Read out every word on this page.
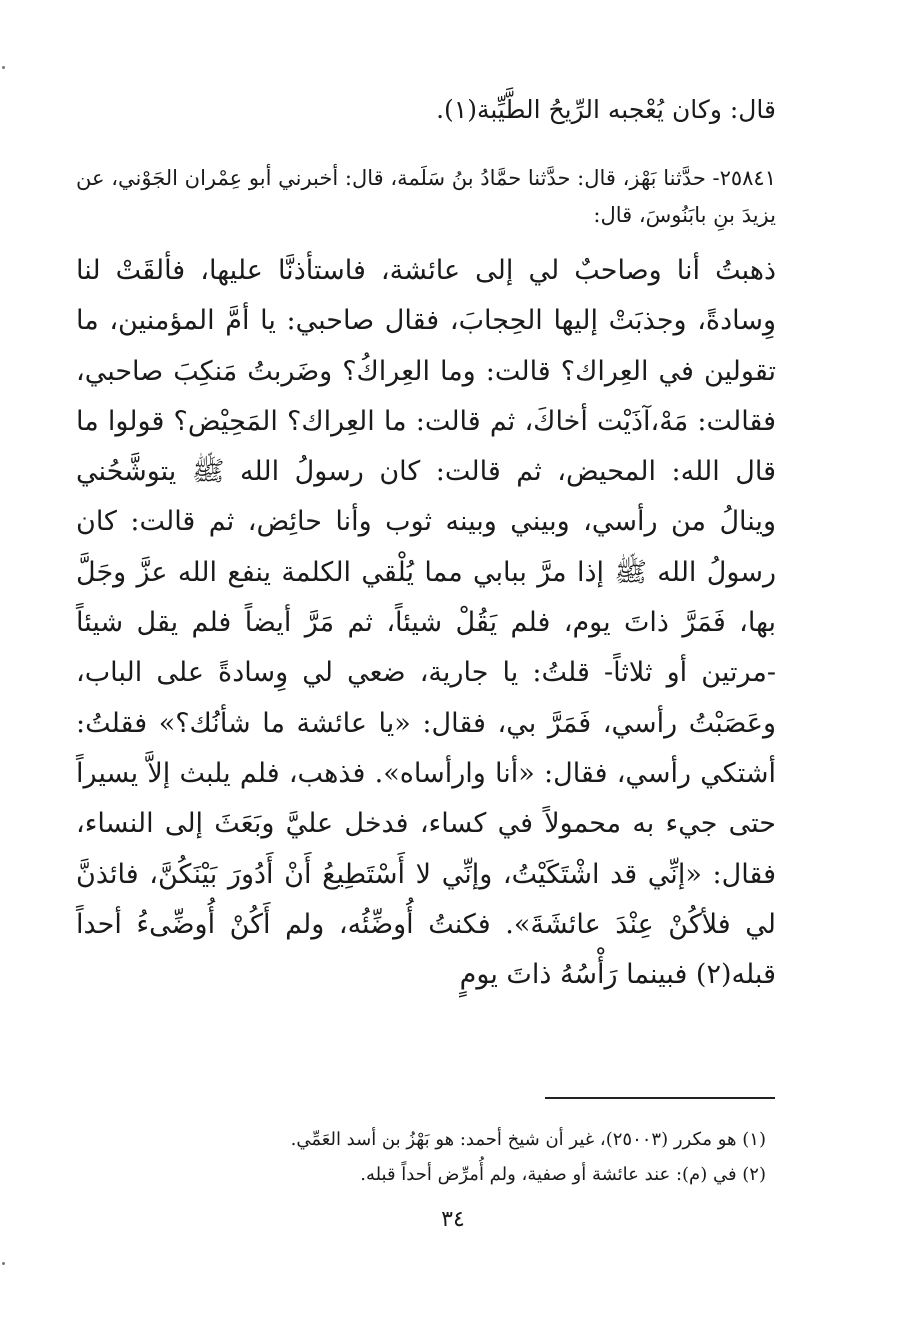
قال: وكان يُعْجبه الرِّيحُ الطَّيِّبة(١).

٢٥٨٤١- حدَّثنا بَهْز، قال: حدَّثنا حمَّادُ بنُ سَلَمة، قال: أخبرني أبو عِمْران الجَوْني، عن يزيدَ بنِ بابَنُوسَ، قال:

ذهبتُ أنا وصاحبٌ لي إلى عائشة، فاستأذنَّا عليها، فألقَتْ لنا وِسادةً، وجذبَتْ إليها الحِجابَ، فقال صاحبي: يا أمَّ المؤمنين، ما تقولين في العِراك؟ قالت: وما العِراكُ؟ وضَربتُ مَنكِبَ صاحبي، فقالت: مَهْ،آذَيْت أخاكَ، ثم قالت: ما العِراك؟ المَحِيْض؟ قولوا ما قال الله: المحيض، ثم قالت: كان رسولُ الله ﷺ يتوشَّحُني وينالُ من رأسي، وبيني وبينه ثوب وأنا حائِض، ثم قالت: كان رسولُ الله ﷺ إذا مرَّ ببابي مما يُلْقي الكلمة ينفع الله عزَّ وجَلَّ بها، فَمَرَّ ذاتَ يوم، فلم يَقُلْ شيئاً، ثم مَرَّ أيضاً فلم يقل شيئاً -مرتين أو ثلاثاً- قلتُ: يا جارية، ضعي لي وِسادةً على الباب، وعَصَبْتُ رأسي، فَمَرَّ بي، فقال: «يا عائشة ما شأنُك؟» فقلتُ: أشتكي رأسي، فقال: «أنا وارأساه». فذهب، فلم يلبث إلاَّ يسيراً حتى جيء به محمولاً في كساء، فدخل عليَّ وبَعَثَ إلى النساء، فقال: «إنِّي قد اشْتَكَيْتُ، وإنِّي لا أَسْتَطِيعُ أَنْ أَدُورَ بَيْنَكُنَّ، فائذنَّ لي فلأكُنْ عِنْدَ عائشَةَ». فكنتُ أُوضِّئُه، ولم أَكُنْ أُوضِّىءُ أحداً قبله(٢) فبينما رَأْسُهُ ذاتَ يومٍ

(١) هو مكرر (٢٥٠٠٣)، غير أن شيخ أحمد: هو بَهْزُ بن أسد العَمِّي.

(٢) في (م): عند عائشة أو صفية، ولم أُمرِّض أحداً قبله.

٣٤
